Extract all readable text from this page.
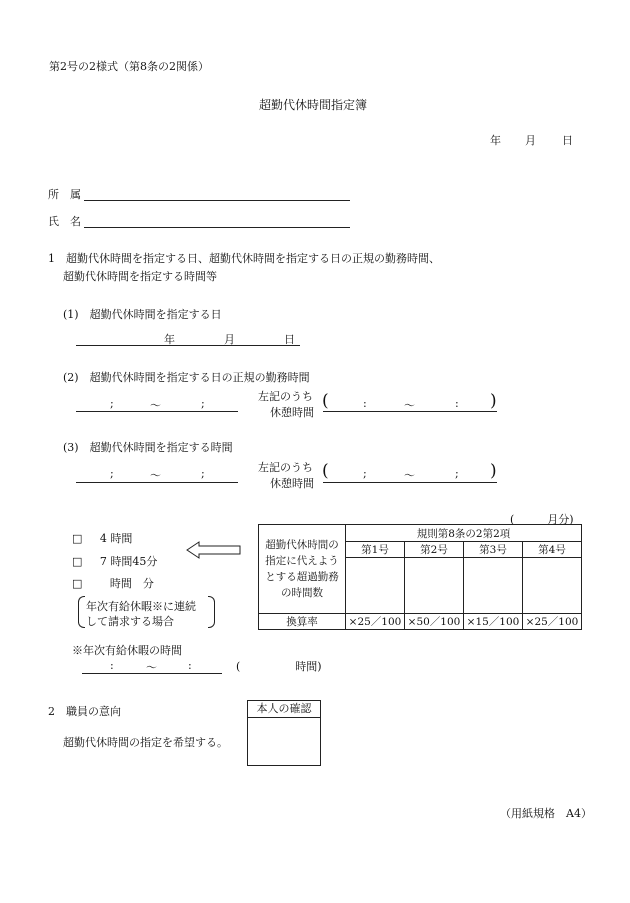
第2号の2様式（第8条の2関係）
超勤代休時間指定簿
年 月 日
所　属
氏　名
1　超勤代休時間を指定する日、超勤代休時間を指定する日の正規の勤務時間、
超勤代休時間を指定する時間等
(1)　超勤代休時間を指定する日
年	月	日
(2)　超勤代休時間を指定する日の正規の勤務時間
;	〜	;
左記のうち
休憩時間
(	:	〜	: )
(3)　超勤代休時間を指定する時間
;	〜	;	左記のうち
休憩時間
(	;	〜	; )
(　　　月分)
□ 4 時間
□ 7 時間45分
□	時間　分
年次有給休暇※に連続
して請求する場合
超勤代休時間の
指定に代えよう
とする超過勤務
の時間数	規則第8条の2第2項			
	第1号	第2号	第3号	第4号

換算率	×25／100	×50／100	×15／100	×25／100
※年次有給休暇の時間
:	〜	:	(　　　　　時間)
2　職員の意向
超勤代休時間の指定を希望する。
本人の確認
（用紙規格　A4）
